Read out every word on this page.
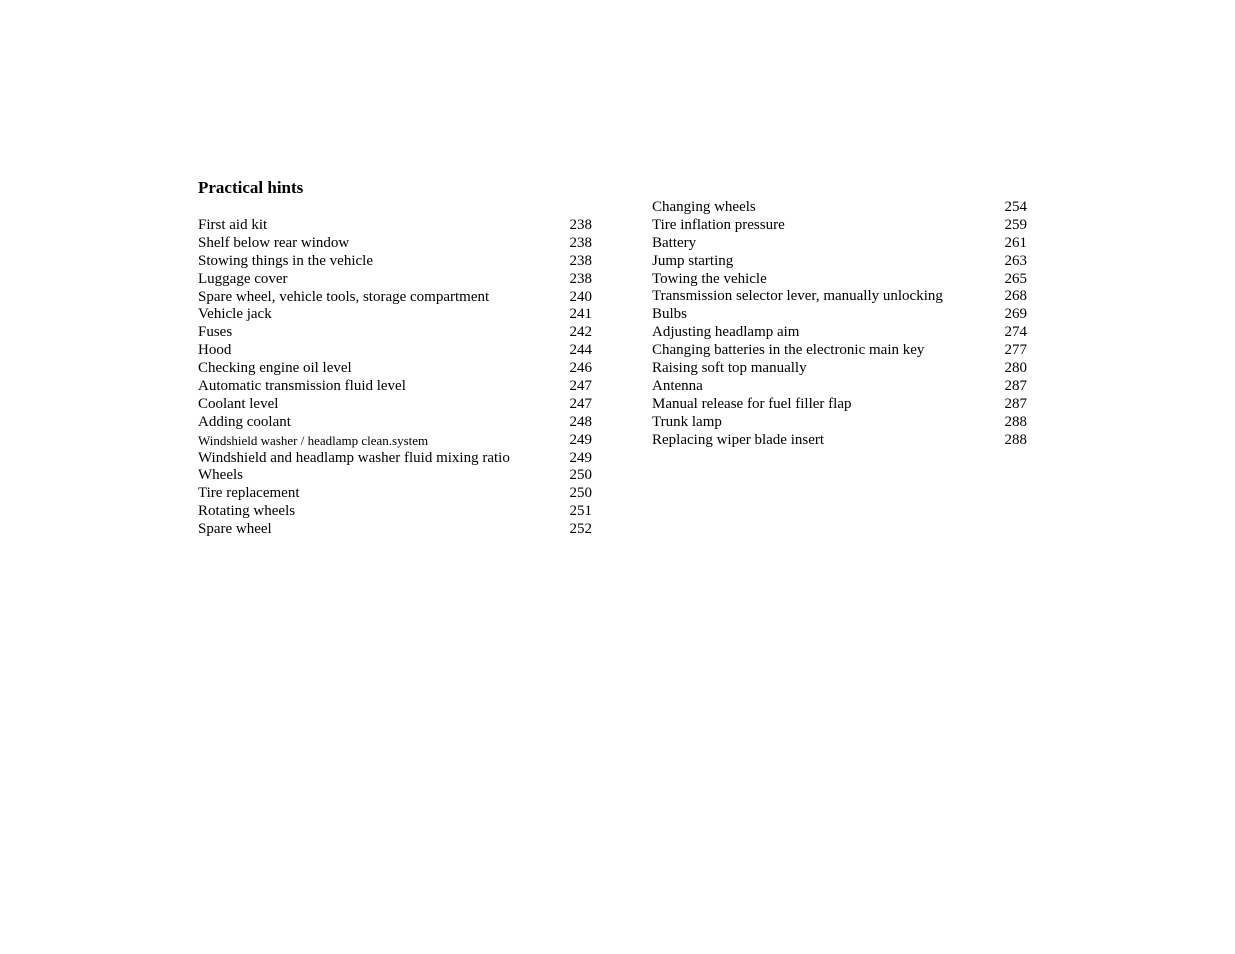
Practical hints
First aid kit	238
Shelf below rear window	238
Stowing things in the vehicle	238
Luggage cover	238
Spare wheel, vehicle tools, storage compartment	240
Vehicle jack	241
Fuses	242
Hood	244
Checking engine oil level	246
Automatic transmission fluid level	247
Coolant level	247
Adding coolant	248
Windshield washer / headlamp clean.system	249
Windshield and headlamp washer fluid mixing ratio	249
Wheels	250
Tire replacement	250
Rotating wheels	251
Spare wheel	252
Changing wheels	254
Tire inflation pressure	259
Battery	261
Jump starting	263
Towing the vehicle	265
Transmission selector lever, manually unlocking	268
Bulbs	269
Adjusting headlamp aim	274
Changing batteries in the electronic main key	277
Raising soft top manually	280
Antenna	287
Manual release for fuel filler flap	287
Trunk lamp	288
Replacing wiper blade insert	288
